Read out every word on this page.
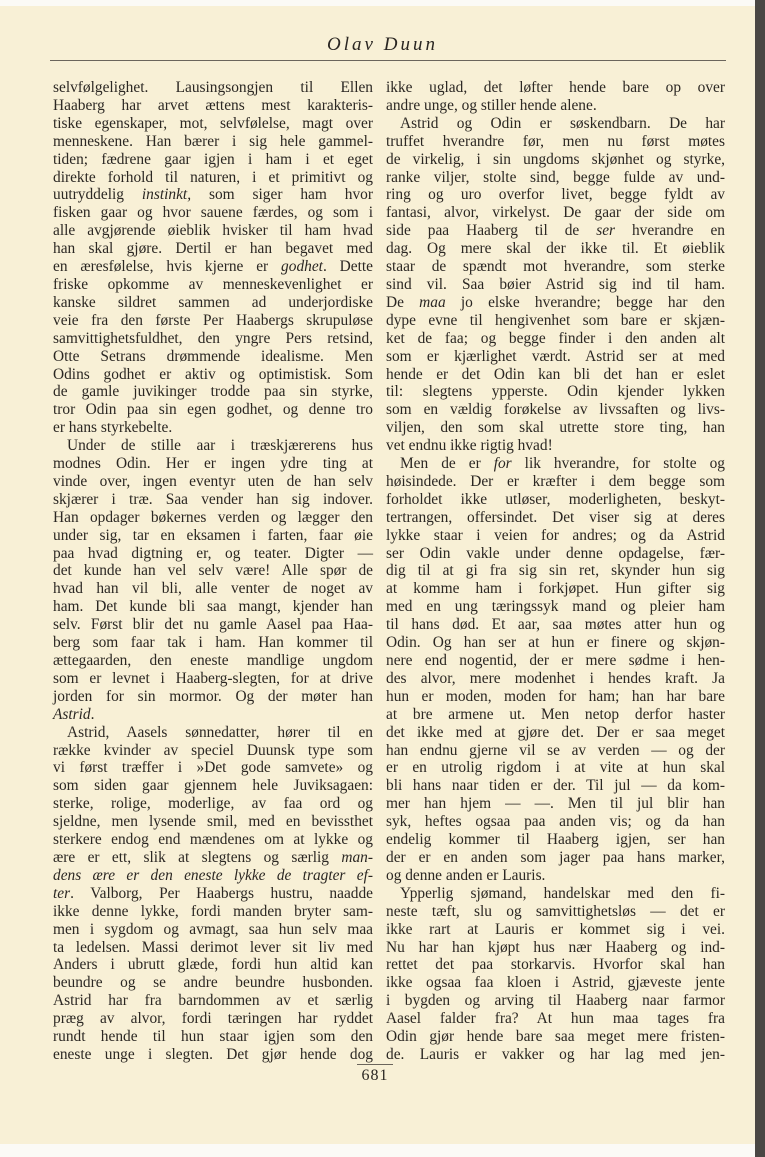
Olav Duun
selvfølgelighet. Lausingsongjen til Ellen
Haaberg har arvet ættens mest karakteris-
tiske egenskaper, mot, selvfølelse, magt over
menneskene. Han bærer i sig hele gammel-
tiden; fædrene gaar igjen i ham i et eget
direkte forhold til naturen, i et primitivt og
uutryddelig instinkt, som siger ham hvor
fisken gaar og hvor sauene færdes, og som i
alle avgjørende øieblik hvisker til ham hvad
han skal gjøre. Dertil er han begavet med
en æresfølelse, hvis kjerne er godhet. Dette
friske opkomme av menneskevenlighet er
kanske sildret sammen ad underjordiske
veie fra den første Per Haabergs skrupuløse
samvittighetsfuldhet, den yngre Pers retsind,
Otte Setrans drømmende idealisme. Men
Odins godhet er aktiv og optimistisk. Som
de gamle juvikinger trodde paa sin styrke,
tror Odin paa sin egen godhet, og denne tro
er hans styrkebelte.
Under de stille aar i træskjærerens hus
modnes Odin. Her er ingen ydre ting at
vinde over, ingen eventyr uten de han selv
skjærer i træ. Saa vender han sig indover.
Han opdager bøkernes verden og lægger den
under sig, tar en eksamen i farten, faar øie
paa hvad digtning er, og teater. Digter —
det kunde han vel selv være! Alle spør de
hvad han vil bli, alle venter de noget av
ham. Det kunde bli saa mangt, kjender han
selv. Først blir det nu gamle Aasel paa Haa-
berg som faar tak i ham. Han kommer til
ættegaarden, den eneste mandlige ungdom
som er levnet i Haaberg-slegten, for at drive
jorden for sin mormor. Og der møter han
Astrid.
Astrid, Aasels sønnedatter, hører til en
række kvinder av speciel Duunsk type som
vi først træffer i »Det gode samvete» og
som siden gaar gjennem hele Juviksagaen:
sterke, rolige, moderlige, av faa ord og
sjeldne, men lysende smil, med en bevissthet
sterkere endog end mændenes om at lykke og
ære er ett, slik at slegtens og særlig man-
dens ære er den eneste lykke de tragter ef-
ter. Valborg, Per Haabergs hustru, naadde
ikke denne lykke, fordi manden bryter sam-
men i sygdom og avmagt, saa hun selv maa
ta ledelsen. Massi derimot lever sit liv med
Anders i ubrutt glæde, fordi hun altid kan
beundre og se andre beundre husbonden.
Astrid har fra barndommen av et særlig
præg av alvor, fordi tæringen har ryddet
rundt hende til hun staar igjen som den
eneste unge i slegten. Det gjør hende dog
ikke uglad, det løfter hende bare op over
andre unge, og stiller hende alene.
Astrid og Odin er søskendbarn. De har
truffet hverandre før, men nu først møtes
de virkelig, i sin ungdoms skjønhet og styrke,
ranke viljer, stolte sind, begge fulde av und-
ring og uro overfor livet, begge fyldt av
fantasi, alvor, virkelyst. De gaar der side om
side paa Haaberg til de ser hverandre en
dag. Og mere skal der ikke til. Et øieblik
staar de spændt mot hverandre, som sterke
sind vil. Saa bøier Astrid sig ind til ham.
De maa jo elske hverandre; begge har den
dype evne til hengivenhet som bare er skjæn-
ket de faa; og begge finder i den anden alt
som er kjærlighet værdt. Astrid ser at med
hende er det Odin kan bli det han er eslet
til: slegtens ypperste. Odin kjender lykken
som en vældig forøkelse av livssaften og livs-
viljen, den som skal utrette store ting, han
vet endnu ikke rigtig hvad!
Men de er for lik hverandre, for stolte og
høisindede. Der er kræfter i dem begge som
forholdet ikke utløser, moderligheten, beskyt-
tertrangen, offersindet. Det viser sig at deres
lykke staar i veien for andres; og da Astrid
ser Odin vakle under denne opdagelse, fær-
dig til at gi fra sig sin ret, skynder hun sig
at komme ham i forkjøpet. Hun gifter sig
med en ung tæringssyk mand og pleier ham
til hans død. Et aar, saa møtes atter hun og
Odin. Og han ser at hun er finere og skjøn-
nere end nogentid, der er mere sødme i hen-
des alvor, mere modenhet i hendes kraft. Ja
hun er moden, moden for ham; han har bare
at bre armene ut. Men netop derfor haster
det ikke med at gjøre det. Der er saa meget
han endnu gjerne vil se av verden — og der
er en utrolig rigdom i at vite at hun skal
bli hans naar tiden er der. Til jul — da kom-
mer han hjem — —. Men til jul blir han
syk, heftes ogsaa paa anden vis; og da han
endelig kommer til Haaberg igjen, ser han
der er en anden som jager paa hans marker,
og denne anden er Lauris.
Ypperlig sjømand, handelskar med den fi-
neste tæft, slu og samvittighetsløs — det er
ikke rart at Lauris er kommet sig i vei.
Nu har han kjøpt hus nær Haaberg og ind-
rettet det paa storkarvis. Hvorfor skal han
ikke ogsaa faa kloen i Astrid, gjæveste jente
i bygden og arving til Haaberg naar farmor
Aasel falder fra? At hun maa tages fra
Odin gjør hende bare saa meget mere fristen-
de. Lauris er vakker og har lag med jen-
681
